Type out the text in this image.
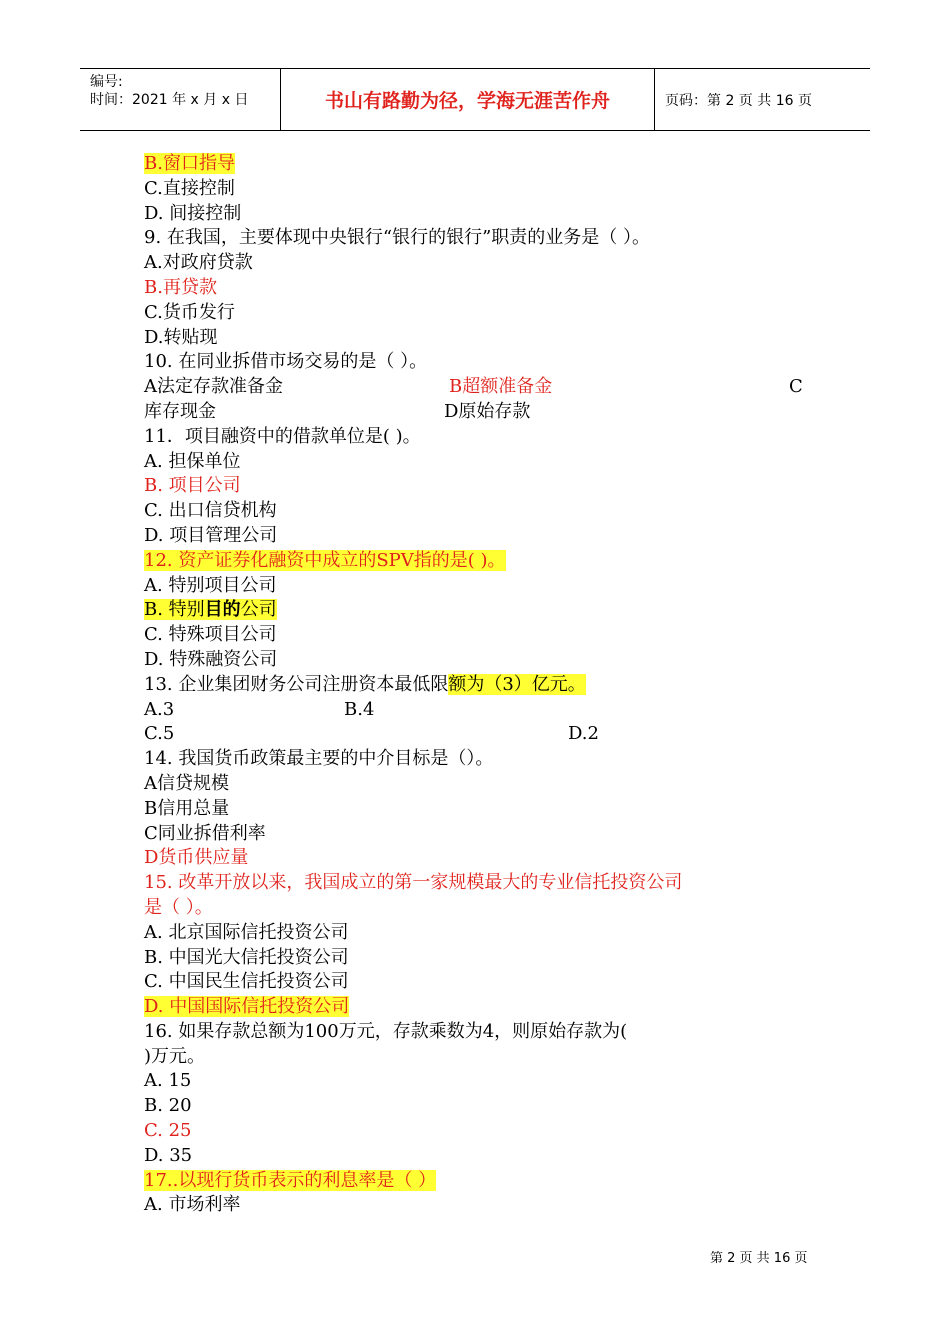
编号:
时间：2021 年 x 月 x 日	书山有路勤为径，学海无涯苦作舟	页码：第 2 页 共 16 页
B.窗口指导
C.直接控制
D. 间接控制
9. 在我国，主要体现中央银行“银行的银行”职责的业务是（ ）。
A.对政府贷款
B.再贷款
C.货币发行
D.转贴现
10. 在同业拆借市场交易的是（ ）。
A法定存款准备金	B超额准备金	C
库存现金	D原始存款
11．项目融资中的借款单位是( )。
A. 担保单位
B. 项目公司
C. 出口信贷机构
D. 项目管理公司
12. 资产证券化融资中成立的SPV指的是( )。
A. 特别项目公司
B. 特别目的公司
C. 特殊项目公司
D. 特殊融资公司
13. 企业集团财务公司注册资本最低限额为（3）亿元。
A.3	B.4
C.5	D.2
14. 我国货币政策最主要的中介目标是（）。
A信贷规模
B信用总量
C同业拆借利率
D货币供应量
15. 改革开放以来，我国成立的第一家规模最大的专业信托投资公司
是（ ）。
A. 北京国际信托投资公司
B. 中国光大信托投资公司
C. 中国民生信托投资公司
D. 中国国际信托投资公司
16. 如果存款总额为100万元，存款乘数为4，则原始存款为(
)万元。
A. 15
B. 20
C. 25
D. 35
17..以现行货币表示的利息率是（ ）
A. 市场利率
第 2 页 共 16 页
